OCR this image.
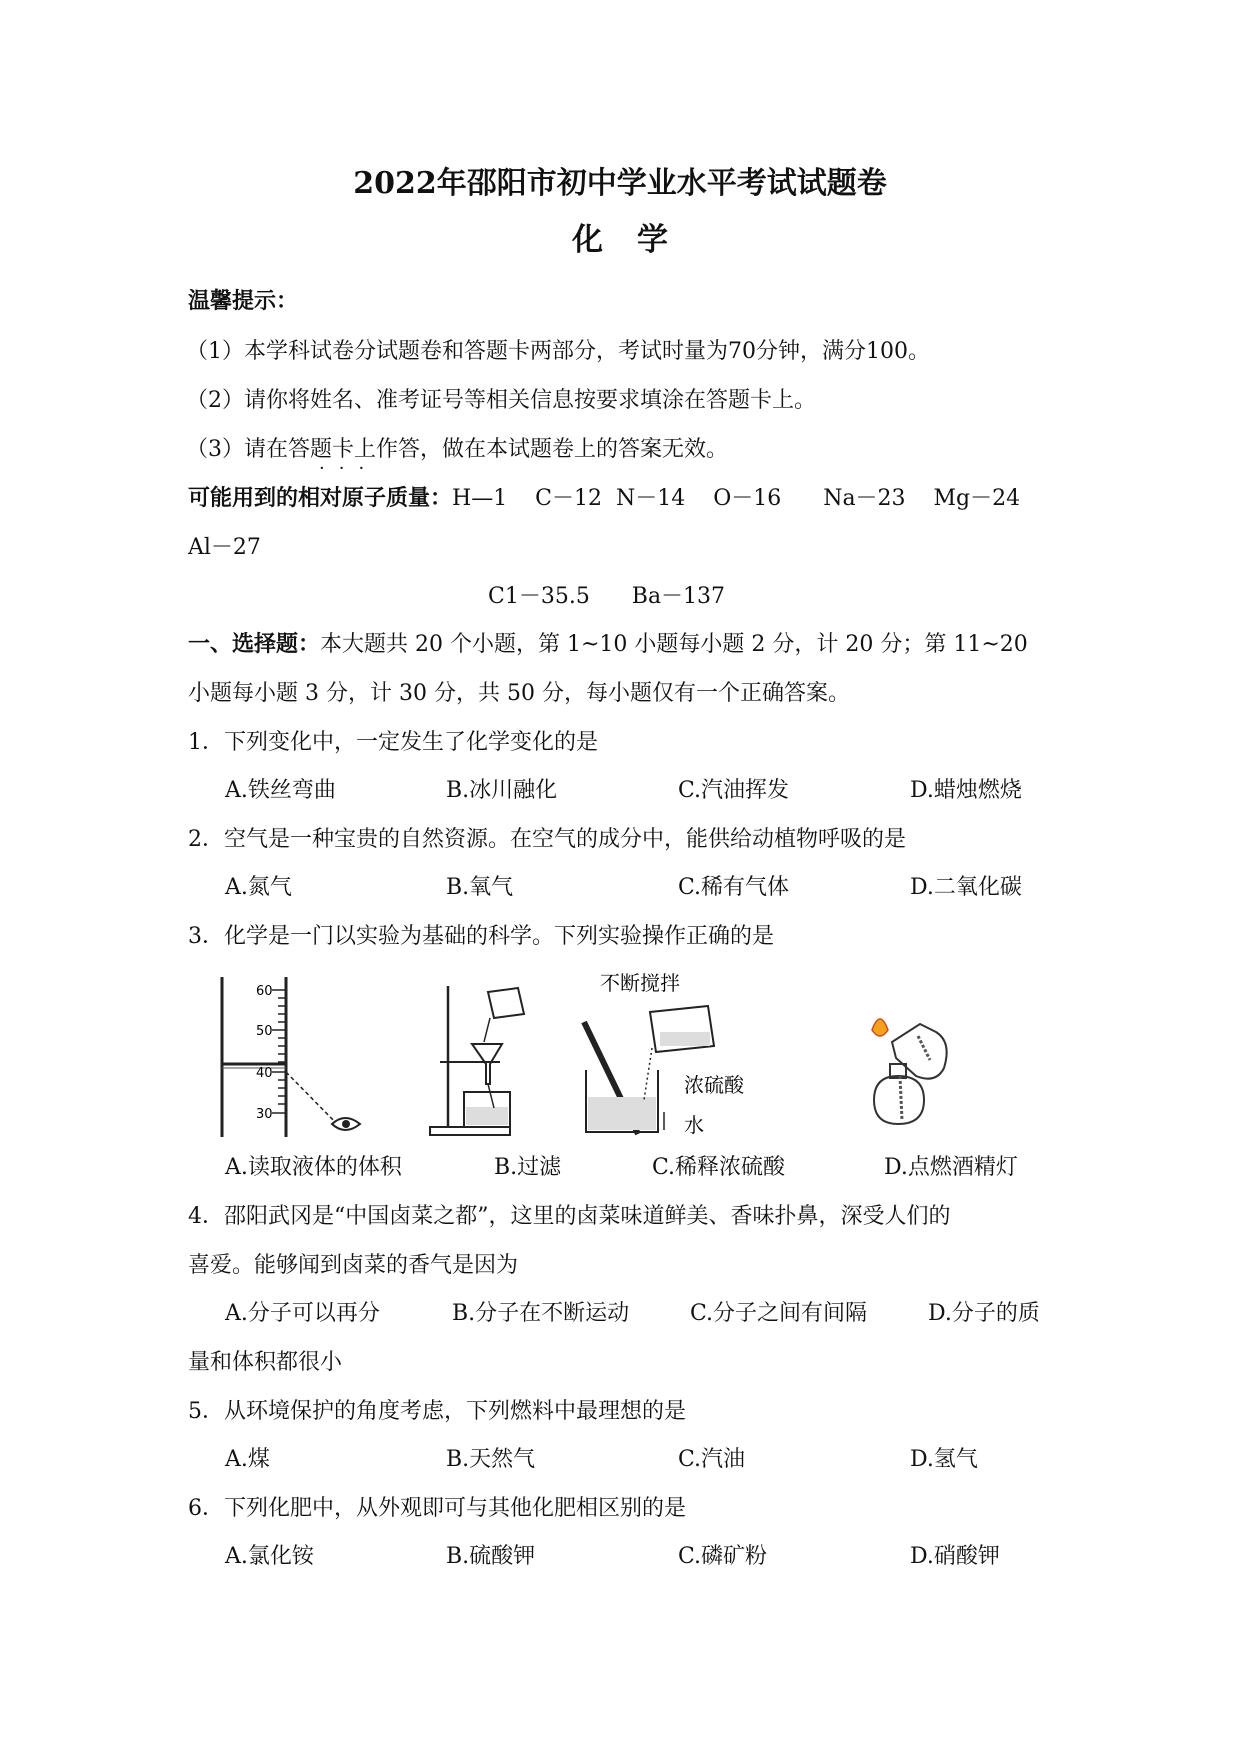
2022年邵阳市初中学业水平考试试题卷
化学
温馨提示：
（1）本学科试卷分试题卷和答题卡两部分，考试时量为70分钟，满分100。
（2）请你将姓名、准考证号等相关信息按要求填涂在答题卡上。
（3）请在答题卡上作答，做在本试题卷上的答案无效。
···
可能用到的相对原子质量：H—1    C－12  N－14    O－16      Na－23    Mg－24
Al－27
C1－35.5      Ba－137
一、选择题：本大题共 20 个小题，第 1~10 小题每小题 2 分，计 20 分；第 11~20
小题每小题 3 分，计 30 分，共 50 分，每小题仅有一个正确答案。
1．下列变化中，一定发生了化学变化的是
A.铁丝弯曲	B.冰川融化	C.汽油挥发	D.蜡烛燃烧
2．空气是一种宝贵的自然资源。在空气的成分中，能供给动植物呼吸的是
A.氮气	B.氧气	C.稀有气体	D.二氧化碳
3．化学是一门以实验为基础的科学。下列实验操作正确的是
60
50
40
30
不断搅拌
浓硫酸
水
A.读取液体的体积	B.过滤	C.稀释浓硫酸	D.点燃酒精灯
4．邵阳武冈是“中国卤菜之都”，这里的卤菜味道鲜美、香味扑鼻，深受人们的
喜爱。能够闻到卤菜的香气是因为
A.分子可以再分	B.分子在不断运动	C.分子之间有间隔	D.分子的质
量和体积都很小
5．从环境保护的角度考虑，下列燃料中最理想的是
A.煤	B.天然气	C.汽油	D.氢气
6．下列化肥中，从外观即可与其他化肥相区别的是
A.氯化铵	B.硫酸钾	C.磷矿粉	D.硝酸钾
